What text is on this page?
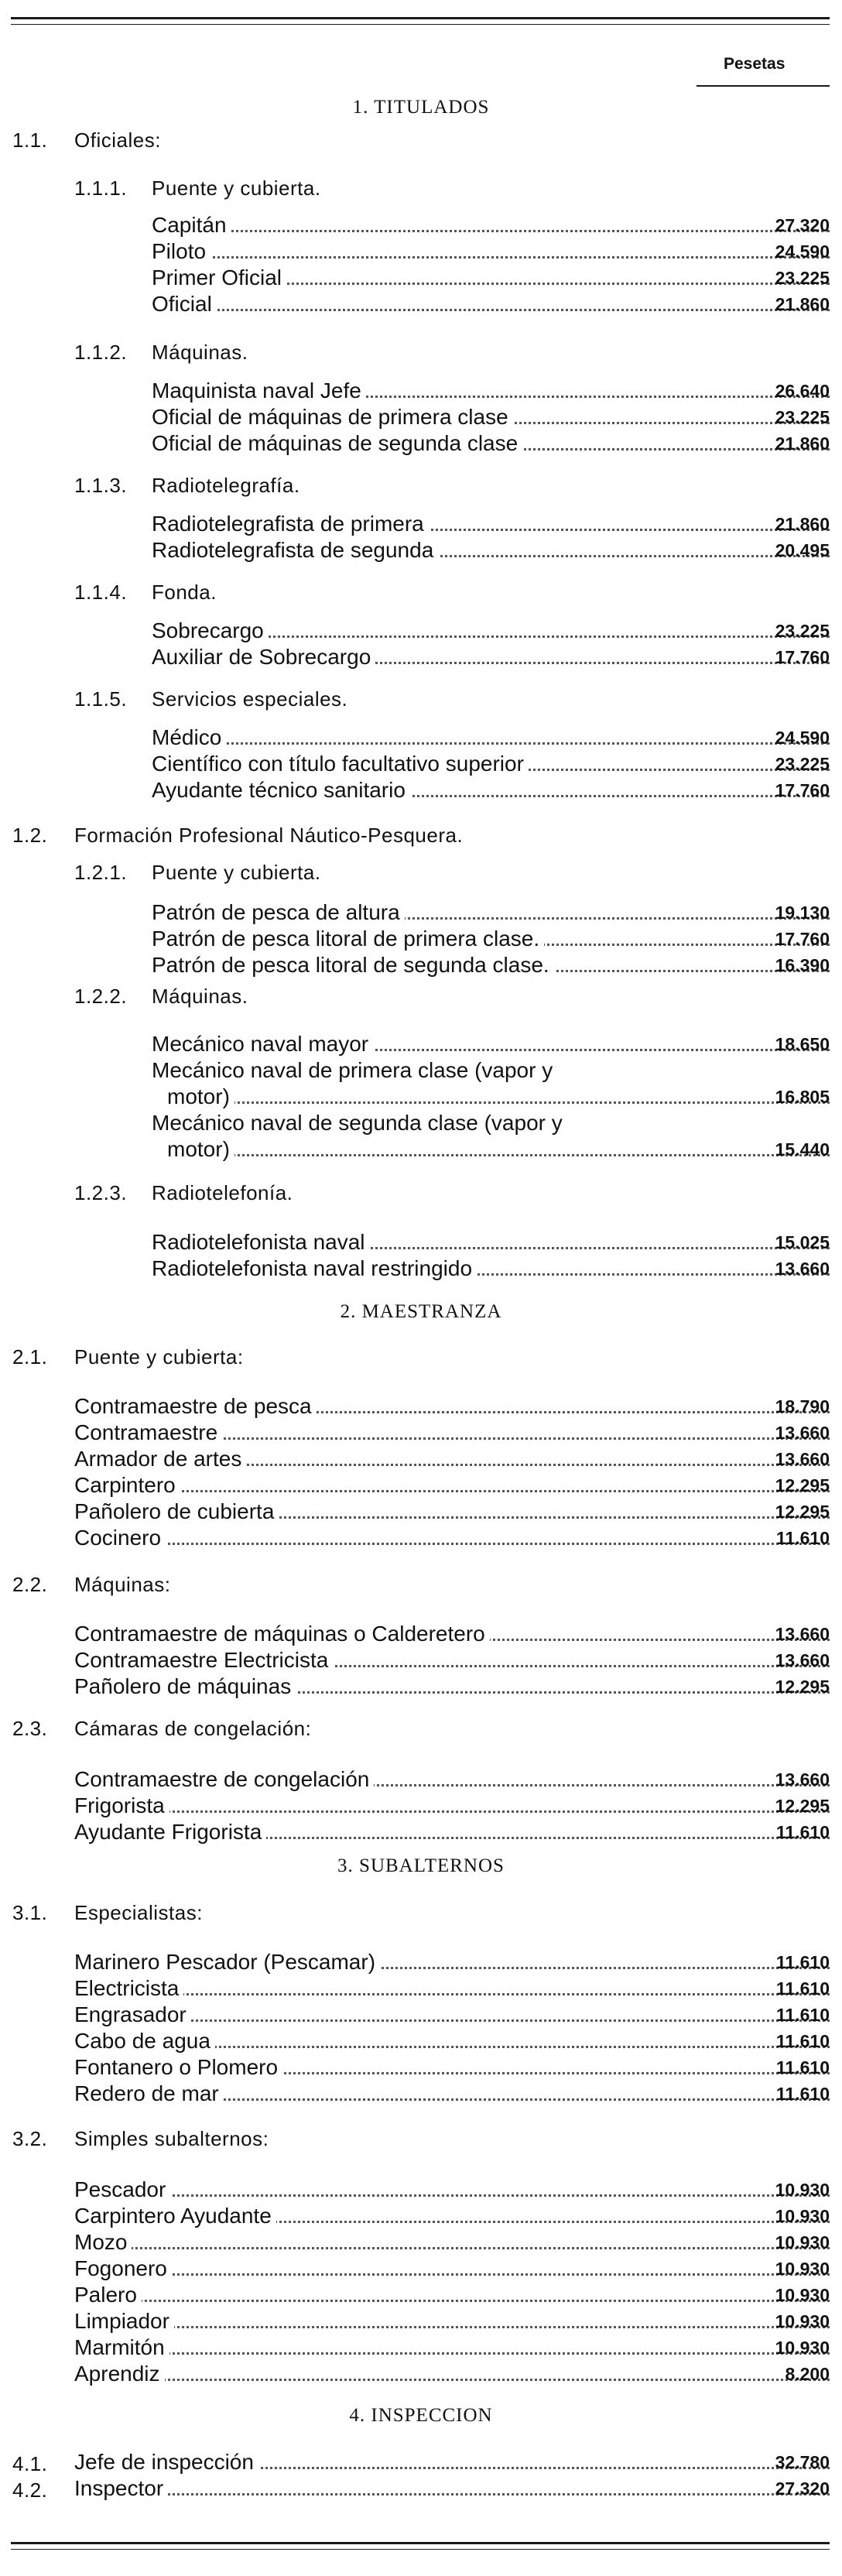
Pesetas
1. TITULADOS
1.1. Oficiales:
1.1.1. Puente y cubierta.
Capitán	27.320
Piloto	24.590
Primer Oficial	23.225
Oficial	21.860
1.1.2. Máquinas.
Maquinista naval Jefe	26.640
Oficial de máquinas de primera clase	23.225
Oficial de máquinas de segunda clase	21.860
1.1.3. Radiotelegrafía.
Radiotelegrafista de primera	21.860
Radiotelegrafista de segunda	20.495
1.1.4. Fonda.
Sobrecargo	23.225
Auxiliar de Sobrecargo	17.760
1.1.5. Servicios especiales.
Médico	24.590
Científico con título facultativo superior	23.225
Ayudante técnico sanitario	17.760
1.2. Formación Profesional Náutico-Pesquera.
1.2.1. Puente y cubierta.
Patrón de pesca de altura	19.130
Patrón de pesca litoral de primera clase.	17.760
Patrón de pesca litoral de segunda clase.	16.390
1.2.2. Máquinas.
Mecánico naval mayor	18.650
Mecánico naval de primera clase (vapor y
motor)	16.805
Mecánico naval de segunda clase (vapor y
motor)	15.440
1.2.3. Radiotelefonía.
Radiotelefonista naval	15.025
Radiotelefonista naval restringido	13.660
2. MAESTRANZA
2.1. Puente y cubierta:
Contramaestre de pesca	18.790
Contramaestre	13.660
Armador de artes	13.660
Carpintero	12.295
Pañolero de cubierta	12.295
Cocinero	11.610
2.2. Máquinas:
Contramaestre de máquinas o Calderetero	13.660
Contramaestre Electricista	13.660
Pañolero de máquinas	12.295
2.3. Cámaras de congelación:
Contramaestre de congelación	13.660
Frigorista	12.295
Ayudante Frigorista	11.610
3. SUBALTERNOS
3.1. Especialistas:
Marinero Pescador (Pescamar)	11.610
Electricista	11.610
Engrasador	11.610
Cabo de agua	11.610
Fontanero o Plomero	11.610
Redero de mar	11.610
3.2. Simples subalternos:
Pescador	10.930
Carpintero Ayudante	10.930
Mozo	10.930
Fogonero	10.930
Palero	10.930
Limpiador	10.930
Marmitón	10.930
Aprendiz	8.200
4. INSPECCION
4.1. Jefe de inspección	32.780
4.2. Inspector	27.320
